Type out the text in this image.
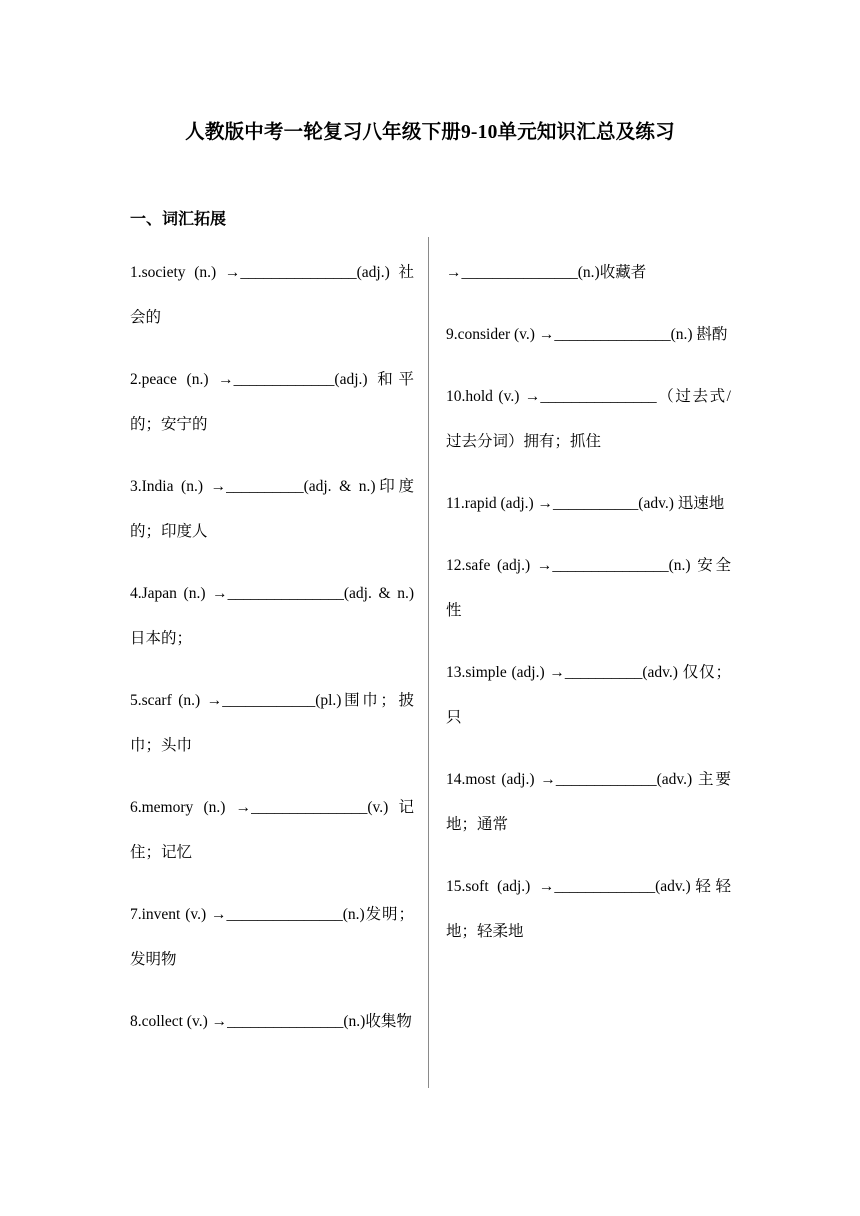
人教版中考一轮复习八年级下册9-10单元知识汇总及练习
一、词汇拓展

1.society (n.) →_______________(adj.) 社会的

2.peace (n.) →_____________(adj.) 和平的；安宁的

3.India (n.) →__________(adj. & n.)印度的；印度人

4.Japan (n.) →_______________(adj. & n.)日本的；

5.scarf (n.) →____________(pl.)围巾；披巾；头巾

6.memory (n.) →_______________(v.) 记住；记忆

7.invent (v.) →_______________(n.)发明；发明物

8.collect (v.) →_______________(n.)收集物

→_______________(n.)收藏者

9.consider (v.) →_______________(n.) 斟酌

10.hold (v.) →_______________（过去式/过去分词）拥有；抓住

11.rapid (adj.) →___________(adv.) 迅速地

12.safe (adj.) →_______________(n.) 安全性

13.simple (adj.) →__________(adv.) 仅仅；只

14.most (adj.) →_____________(adv.) 主要地；通常

15.soft (adj.) →_____________(adv.)轻轻地；轻柔地
